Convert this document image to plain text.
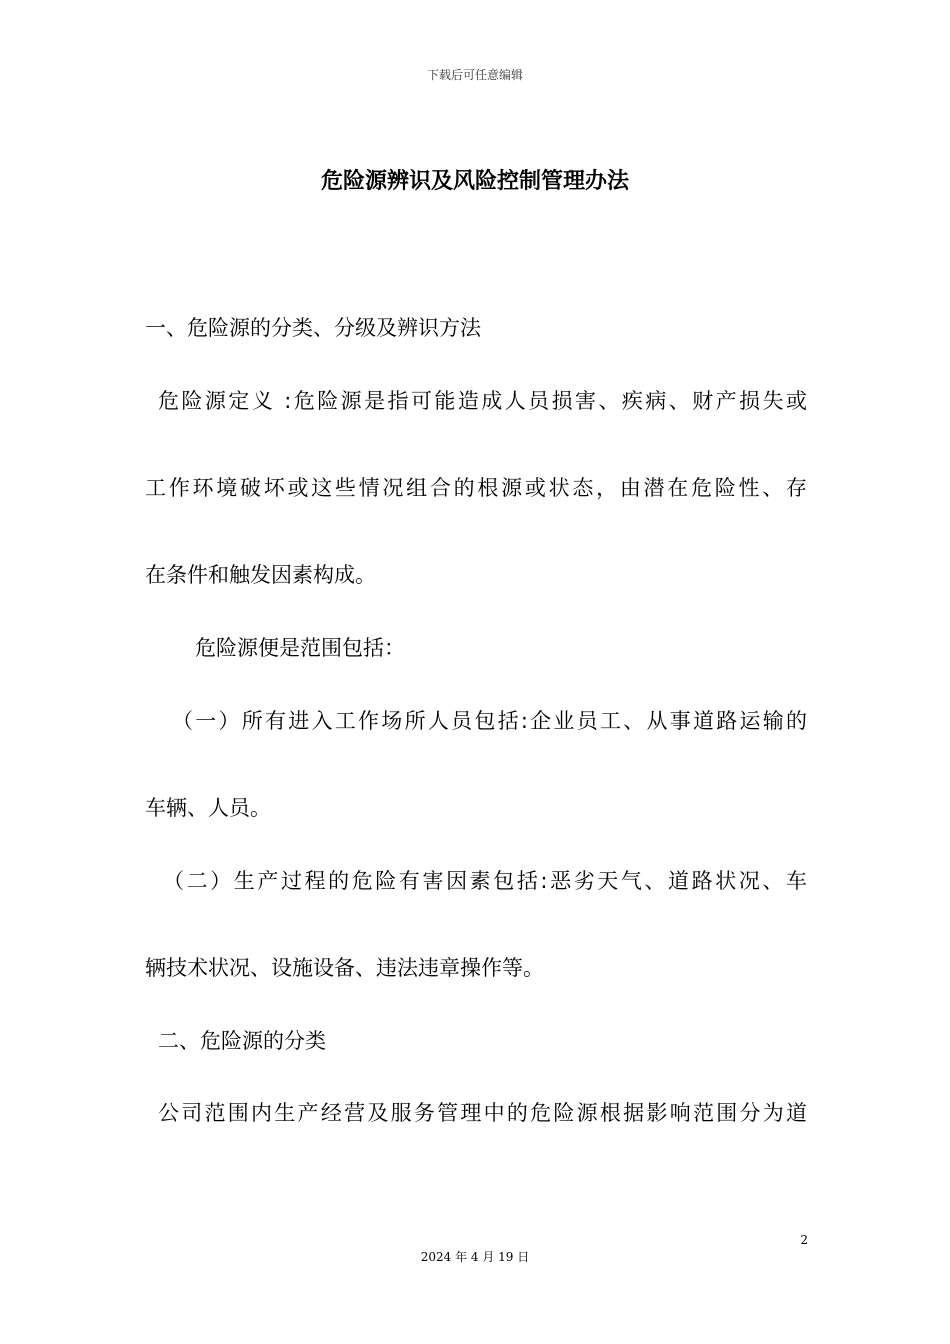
下载后可任意编辑
危险源辨识及风险控制管理办法
一、危险源的分类、分级及辨识方法
危险源定义 :危险源是指可能造成人员损害、疾病、财产损失或
工作环境破坏或这些情况组合的根源或状态，由潜在危险性、存
在条件和触发因素构成。
危险源便是范围包括：
（一）所有进入工作场所人员包括:企业员工、从事道路运输的
车辆、人员。
（二）生产过程的危险有害因素包括:恶劣天气、道路状况、车
辆技术状况、设施设备、违法违章操作等。
二、危险源的分类
公司范围内生产经营及服务管理中的危险源根据影响范围分为道
2
2024 年 4 月 19 日
